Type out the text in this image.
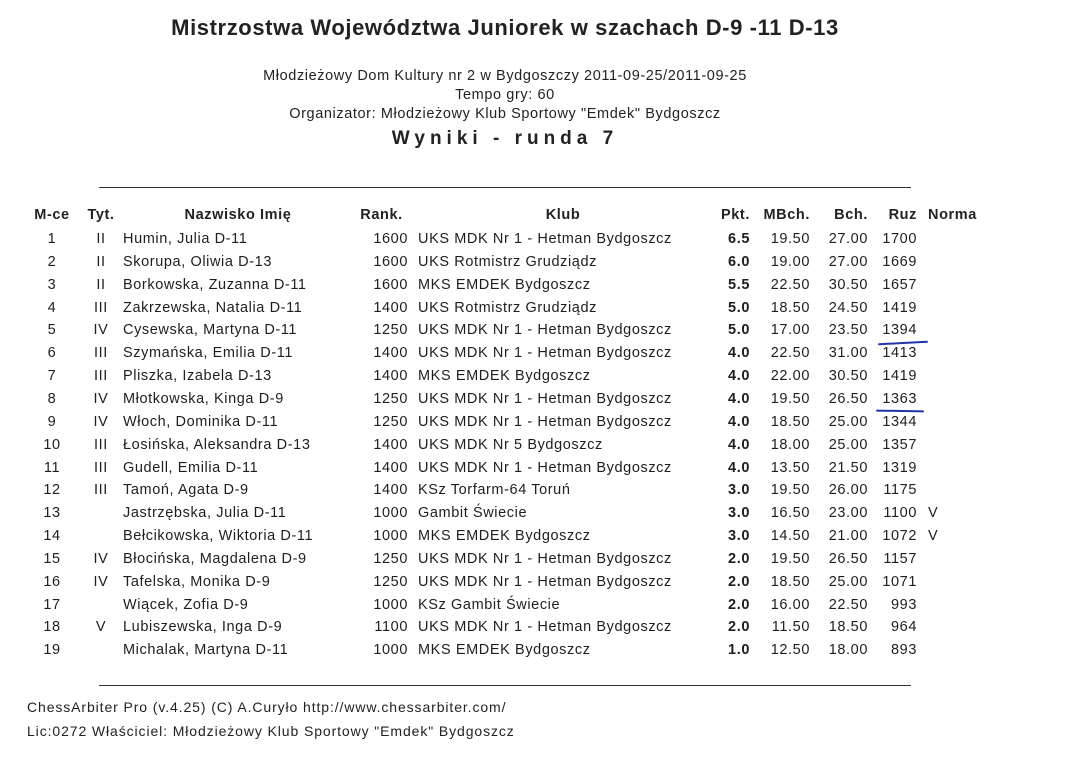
Mistrzostwa Województwa Juniorek w szachach D-9 -11 D-13
Młodzieżowy Dom Kultury nr 2 w Bydgoszczy 2011-09-25/2011-09-25
Tempo gry: 60
Organizator: Młodzieżowy Klub Sportowy "Emdek" Bydgoszcz
Wyniki - runda 7
M-ce	Tyt.	Nazwisko Imię	Rank.	Klub	Pkt. MBch.	Bch.	Ruz Norma
1	II	Humin, Julia D-11	1600 UKS MDK Nr 1 - Hetman Bydgoszcz	6.5	19.50	27.00 1700
2	II	Skorupa, Oliwia D-13	1600 UKS Rotmistrz Grudziądz	6.0	19.00	27.00 1669
3	II	Borkowska, Zuzanna D-11	1600 MKS EMDEK Bydgoszcz	5.5	22.50	30.50 1657
4	III	Zakrzewska, Natalia D-11	1400 UKS Rotmistrz Grudziądz	5.0	18.50	24.50 1419
5	IV	Cysewska, Martyna D-11	1250 UKS MDK Nr 1 - Hetman Bydgoszcz	5.0	17.00	23.50 1394
6	III	Szymańska, Emilia D-11	1400 UKS MDK Nr 1 - Hetman Bydgoszcz	4.0	22.50	31.00 1413
7	III	Pliszka, Izabela D-13	1400 MKS EMDEK Bydgoszcz	4.0	22.00	30.50 1419
8	IV	Młotkowska, Kinga D-9	1250 UKS MDK Nr 1 - Hetman Bydgoszcz	4.0	19.50	26.50 1363
9	IV	Włoch, Dominika D-11	1250 UKS MDK Nr 1 - Hetman Bydgoszcz	4.0	18.50	25.00 1344
10	III	Łosińska, Aleksandra D-13	1400 UKS MDK Nr 5 Bydgoszcz	4.0	18.00	25.00 1357
11	III	Gudell, Emilia D-11	1400 UKS MDK Nr 1 - Hetman Bydgoszcz	4.0	13.50	21.50 1319
12	III	Tamoń, Agata D-9	1400 KSz Torfarm-64 Toruń	3.0	19.50	26.00	1175
13	Jastrzębska, Julia D-11	1000 Gambit Świecie	3.0	16.50	23.00	1100 V
14	Bełcikowska, Wiktoria D-11	1000 MKS EMDEK Bydgoszcz	3.0	14.50	21.00 1072 V
15	IV	Błocińska, Magdalena D-9	1250 UKS MDK Nr 1 - Hetman Bydgoszcz	2.0	19.50	26.50	1157
16	IV	Tafelska, Monika D-9	1250 UKS MDK Nr 1 - Hetman Bydgoszcz	2.0	18.50	25.00 1071
17	Wiącek, Zofia D-9	1000 KSz Gambit Świecie	2.0	16.00	22.50	993
18	V	Lubiszewska, Inga D-9	1100 UKS MDK Nr 1 - Hetman Bydgoszcz	2.0	11.50	18.50	964
19	Michalak, Martyna D-11	1000 MKS EMDEK Bydgoszcz	1.0	12.50	18.00	893
ChessArbiter Pro (v.4.25) (C) A.Curyło http://www.chessarbiter.com/
Lic:0272 Właściciel: Młodzieżowy Klub Sportowy "Emdek" Bydgoszcz
